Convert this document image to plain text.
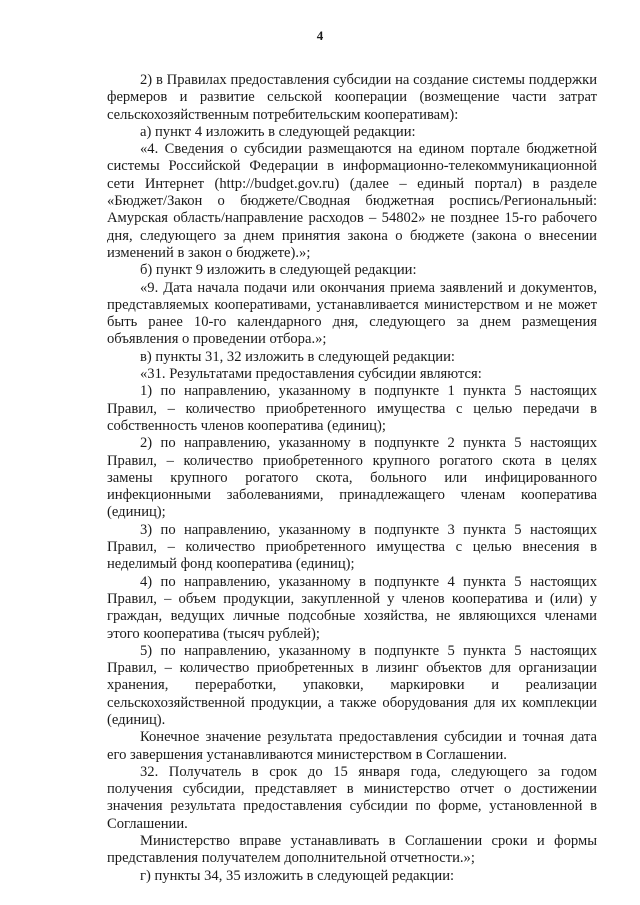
4

2) в Правилах предоставления субсидии на создание системы поддержки фермеров и развитие сельской кооперации (возмещение части затрат сельскохозяйственным потребительским кооперативам):

а) пункт 4 изложить в следующей редакции:

«4. Сведения о субсидии размещаются на едином портале бюджетной системы Российской Федерации в информационно-телекоммуникационной сети Интернет (http://budget.gov.ru) (далее – единый портал) в разделе «Бюджет/Закон о бюджете/Сводная бюджетная роспись/Региональный: Амурская область/направление расходов – 54802» не позднее 15-го рабочего дня, следующего за днем принятия закона о бюджете (закона о внесении изменений в закон о бюджете).»;

б) пункт 9 изложить в следующей редакции:

«9. Дата начала подачи или окончания приема заявлений и документов, представляемых кооперативами, устанавливается министерством и не может быть ранее 10-го календарного дня, следующего за днем размещения объявления о проведении отбора.»;

в) пункты 31, 32 изложить в следующей редакции:

«31. Результатами предоставления субсидии являются:

1) по направлению, указанному в подпункте 1 пункта 5 настоящих Правил, – количество приобретенного имущества с целью передачи в собственность членов кооператива (единиц);

2) по направлению, указанному в подпункте 2 пункта 5 настоящих Правил, – количество приобретенного крупного рогатого скота в целях замены крупного рогатого скота, больного или инфицированного инфекционными заболеваниями, принадлежащего членам кооператива (единиц);

3) по направлению, указанному в подпункте 3 пункта 5 настоящих Правил, – количество приобретенного имущества с целью внесения в неделимый фонд кооператива (единиц);

4) по направлению, указанному в подпункте 4 пункта 5 настоящих Правил, – объем продукции, закупленной у членов кооператива и (или) у граждан, ведущих личные подсобные хозяйства, не являющихся членами этого кооператива (тысяч рублей);

5) по направлению, указанному в подпункте 5 пункта 5 настоящих Правил, – количество приобретенных в лизинг объектов для организации хранения, переработки, упаковки, маркировки и реализации сельскохозяйственной продукции, а также оборудования для их комплекции (единиц).

Конечное значение результата предоставления субсидии и точная дата его завершения устанавливаются министерством в Соглашении.

32. Получатель в срок до 15 января года, следующего за годом получения субсидии, представляет в министерство отчет о достижении значения результата предоставления субсидии по форме, установленной в Соглашении.

Министерство вправе устанавливать в Соглашении сроки и формы представления получателем дополнительной отчетности.»;

г) пункты 34, 35 изложить в следующей редакции:
